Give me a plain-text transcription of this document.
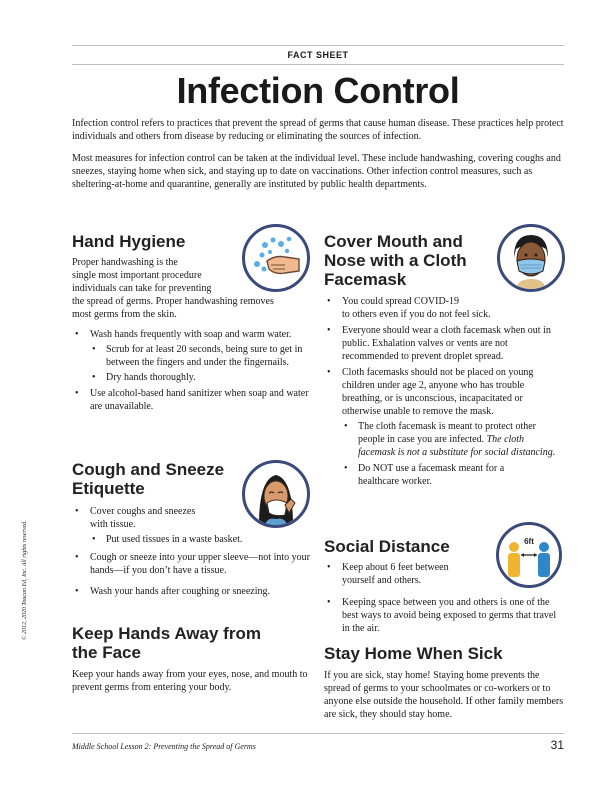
FACT SHEET
Infection Control

Infection control refers to practices that prevent the spread of germs that cause human disease. These practices help protect individuals and others from disease by reducing or eliminating the sources of infection.

Most measures for infection control can be taken at the individual level. These include handwashing, covering coughs and sneezes, staying home when sick, and staying up to date on vaccinations. Other infection control measures, such as sheltering-at-home and quarantine, generally are instituted by public health departments.

Hand Hygiene
Proper handwashing is the
single most important procedure
individuals can take for preventing
the spread of germs. Proper handwashing removes
most germs from the skin.
• Wash hands frequently with soap and warm water.
• Scrub for at least 20 seconds, being sure to get in between the fingers and under the fingernails.
• Dry hands thoroughly.
• Use alcohol-based hand sanitizer when soap and water are unavailable.
Cough and Sneeze
Etiquette
• Cover coughs and sneezes
with tissue.
• Put used tissues in a waste basket.
• Cough or sneeze into your upper sleeve—not into your hands—if you don’t have a tissue.
• Wash your hands after coughing or sneezing.
Keep Hands Away from
the Face

Keep your hands away from your eyes, nose, and mouth to prevent germs from entering your body.

Cover Mouth and
Nose with a Cloth
Facemask
• You could spread COVID-19
to others even if you do not feel sick.
• Everyone should wear a cloth facemask when out in public. Exhalation valves or vents are not recommended to prevent droplet spread.
• Cloth facemasks should not be placed on young children under age 2, anyone who has trouble breathing, or is unconscious, incapacitated or otherwise unable to remove the mask.
• The cloth facemask is meant to protect other people in case you are infected. The cloth facemask is not a substitute for social distancing.
• Do NOT use a facemask meant for a healthcare worker.
Social Distance
• Keep about 6 feet between
yourself and others.
• Keeping space between you and others is one of the best ways to avoid being exposed to germs that travel in the air.
6ft
Stay Home When Sick

If you are sick, stay home! Staying home prevents the spread of germs to your schoolmates or co-workers or to anyone else outside the household. If other family members are sick, they should stay home.

Middle School Lesson 2: Preventing the Spread of Germs	31
© 2012, 2020 Toucan Ed, Inc. All rights reserved.
